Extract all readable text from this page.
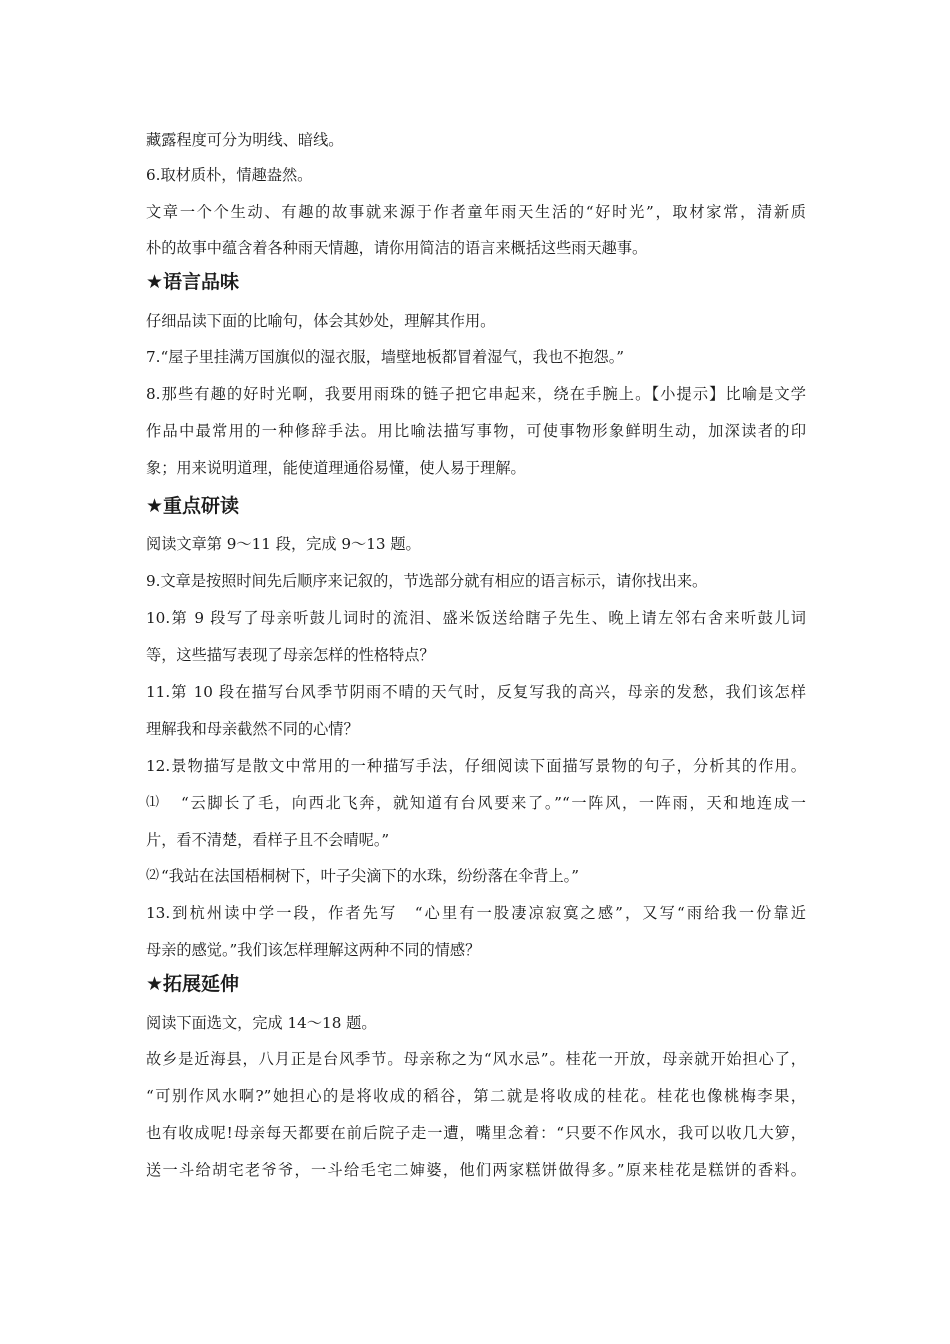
藏露程度可分为明线、暗线。
6.取材质朴，情趣盎然。
文章一个个生动、有趣的故事就来源于作者童年雨天生活的“好时光”，取材家常，清新质
朴的故事中蕴含着各种雨天情趣，请你用简洁的语言来概括这些雨天趣事。
★语言品味
仔细品读下面的比喻句，体会其妙处，理解其作用。
7.“屋子里挂满万国旗似的湿衣服，墙壁地板都冒着湿气，我也不抱怨。”
8.那些有趣的好时光啊，我要用雨珠的链子把它串起来，绕在手腕上。【小提示】比喻是文学
作品中最常用的一种修辞手法。用比喻法描写事物，可使事物形象鲜明生动，加深读者的印
象；用来说明道理，能使道理通俗易懂，使人易于理解。
★重点研读
阅读文章第 9～11 段，完成 9～13 题。
9.文章是按照时间先后顺序来记叙的，节选部分就有相应的语言标示，请你找出来。
10.第 9 段写了母亲听鼓儿词时的流泪、盛米饭送给瞎子先生、晚上请左邻右舍来听鼓儿词
等，这些描写表现了母亲怎样的性格特点？
11.第 10 段在描写台风季节阴雨不晴的天气时，反复写我的高兴，母亲的发愁，我们该怎样
理解我和母亲截然不同的心情？
12.景物描写是散文中常用的一种描写手法，仔细阅读下面描写景物的句子，分析其的作用。
⑴ “云脚长了毛，向西北飞奔，就知道有台风要来了。”“一阵风，一阵雨，天和地连成一
片，看不清楚，看样子且不会晴呢。”
⑵ “我站在法国梧桐树下，叶子尖滴下的水珠，纷纷落在伞背上。”
13.到杭州读中学一段，作者先写　“心里有一股凄凉寂寞之感”，又写“雨给我一份靠近
母亲的感觉。”我们该怎样理解这两种不同的情感？
★拓展延伸
阅读下面选文，完成 14～18 题。
故乡是近海县，八月正是台风季节。母亲称之为“风水忌”。桂花一开放，母亲就开始担心了，
“可别作风水啊?”她担心的是将收成的稻谷，第二就是将收成的桂花。桂花也像桃梅李果，
也有收成呢!母亲每天都要在前后院子走一遭，嘴里念着：“只要不作风水，我可以收几大箩，
送一斗给胡宅老爷爷，一斗给毛宅二婶婆，他们两家糕饼做得多。”原来桂花是糕饼的香料。
